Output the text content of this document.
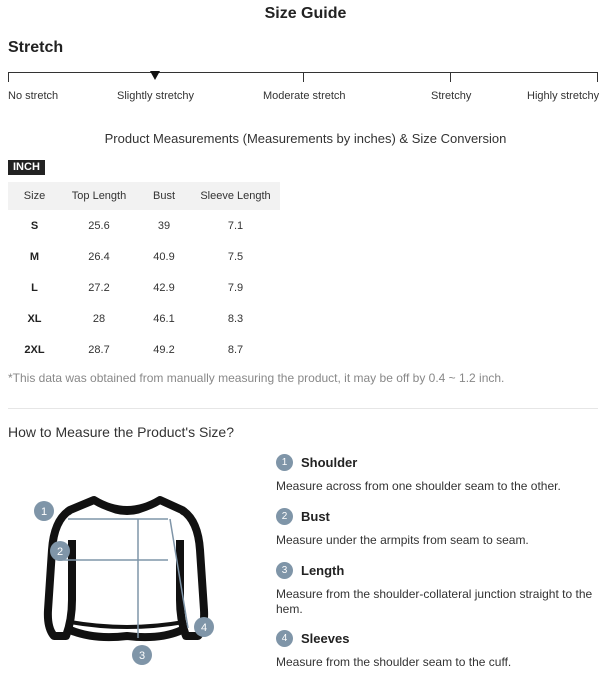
Size Guide
Stretch
No stretch	Slightly stretchy	Moderate stretch	Stretchy	Highly stretchy
Product Measurements (Measurements by inches) & Size Conversion
INCH
Size	Top Length	Bust	Sleeve Length
S	25.6	39	7.1
M	26.4	40.9	7.5
L	27.2	42.9	7.9
XL	28	46.1	8.3
2XL	28.7	49.2	8.7
*This data was obtained from manually measuring the product, it may be off by 0.4 ~ 1.2 inch.
How to Measure the Product's Size?
1
2
3
4
1	Shoulder
Measure across from one shoulder seam to the other.
2	Bust
Measure under the armpits from seam to seam.
3	Length
Measure from the shoulder-collateral junction straight to the hem.
4	Sleeves
Measure from the shoulder seam to the cuff.
